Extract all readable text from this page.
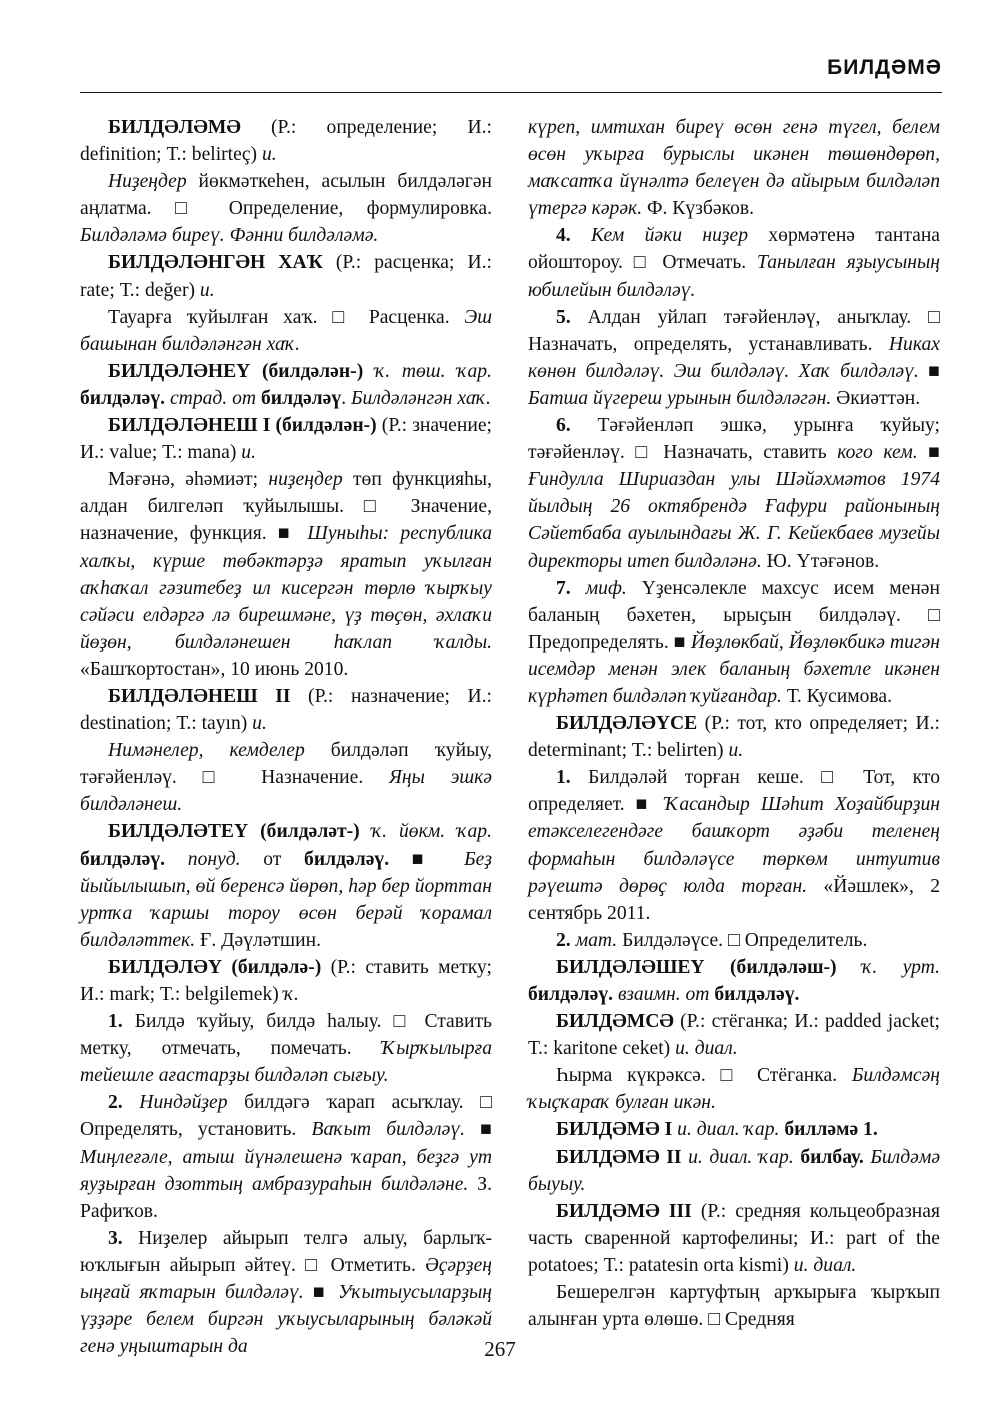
БИЛДӘМӘ

БИЛДӘЛӘМӘ (Р.: определение; И.: definition; Т.: belirteç) и.

Ниҙеңдер йөкмәткеһен, асылын билдәләгән аңлатма. □ Определение, формулировка. Билдәләмә биреү. Фәнни билдәләмә.

БИЛДӘЛӘНГӘН ХАҠ (Р.: расценка; И.: rate; Т.: değer) и.

Тауарға ҡуйылған хаҡ. □ Расценка. Эш башынан билдәләнгән хаҡ.

БИЛДӘЛӘНЕҮ (билдәлән-) ҡ. төш. ҡар. билдәләү. страд. от билдәләү. Билдәләнгән хаҡ.

БИЛДӘЛӘНЕШ I (билдәлән-) (Р.: значение; И.: value; Т.: mana) и.

Мәғәнә, әһәмиәт; ниҙеңдер төп функцияһы, алдан билгеләп ҡуйылышы. □ Значение, назначение, функция. ■ Шуныһы: республика халҡы, күрше төбәктәрҙә яратып уҡылған аҡһаҡал гәзитебеҙ ил кисергән төрлө ҡырҡыу сәйәси елдәргә лә бирешмәне, үҙ төҫөн, әхлаҡи йөҙөн, билдәләнешен һаҡлап ҡалды. «Башҡортостан», 10 июнь 2010.

БИЛДӘЛӘНЕШ II (Р.: назначение; И.: destination; Т.: tayın) и.

Нимәнелер, кемделер билдәләп ҡуйыу, тәғәйенләү. □ Назначение. Яңы эшкә билдәләнеш.

БИЛДӘЛӘТЕҮ (билдәләт-) ҡ. йөкм. ҡар. билдәләү. понуд. от билдәләү. ■ Беҙ йыйылышып, өй беренсә йөрөп, һәр бер йорттан уртҡа ҡаршы тороу өсөн берәй ҡорамал билдәләттек. Ғ. Дәүләтшин.

БИЛДӘЛӘҮ (билдәлә-) (Р.: ставить метку; И.: mark; Т.: belgilemek) ҡ.

1. Билдә ҡуйыу, билдә һалыу. □ Ставить метку, отмечать, помечать. Ҡырҡылырға тейешле ағастарҙы билдәләп сығыу.

2. Ниндәйҙер билдәгә ҡарап асыҡлау. □ Определять, установить. Ваҡыт билдәләү. ■ Миңлеғәле, атыш йүнәлешенә ҡарап, беҙгә ут яуҙырған дзоттың амбразураһын билдәләне. З. Рафиҡов.

3. Ниҙелер айырып телгә алыу, барлыҡ-юҡлығын айырып әйтеү. □ Отметить. Әҫәрҙең ыңғай яҡтарын билдәләү. ■ Уҡытыусыларҙың үҙҙәре белем биргән уҡыусыларының бәләкәй генә уңыштарын да

күреп, имтихан биреү өсөн генә түгел, белем өсөн уҡырға бурыслы икәнен төшөндөрөп, маҡсатҡа йүнәлтә белеүен дә айырым билдәләп үтергә кәрәк. Ф. Күзбәков.

4. Кем йәки ниҙер хөрмәтенә тантана ойоштороу. □ Отмечать. Танылған яҙыусының юбилейын билдәләү.

5. Алдан уйлап тәғәйенләү, аныҡлау. □ Назначать, определять, устанавливать. Никах көнөн билдәләү. Эш билдәләү. Хаҡ билдәләү. ■ Батша йүгереш урынын билдәләгән. Әкиәттән.

6. Тәғәйенләп эшкә, урынға ҡуйыу; тәғәйенләү. □ Назначать, ставить кого кем. ■ Ғиндулла Шириаздан улы Шәйәхмәтов 1974 йылдың 26 октябрендә Ғафури районының Сәйетбаба ауылындағы Ж. Г. Кейекбаев музейы директоры итеп билдәләнә. Ю. Үтәғәнов.

7. миф. Үҙенсәлекле махсус исем менән баланың бәхетен, ырыҫын билдәләү. □ Предопределять. ■ Йөҙлөкбай, Йөҙлөкбикә тигән исемдәр менән элек баланың бәхетле икәнен күрһәтеп билдәләп ҡуйғандар. Т. Кусимова.

БИЛДӘЛӘҮСЕ (Р.: тот, кто определяет; И.: determinant; Т.: belirten) и.

1. Билдәләй торған кеше. □ Тот, кто определяет. ■ Ҡасандыр Шәһит Хоҙайбирҙин етәкселегендәге башҡорт әҙәби теленең формаһын билдәләүсе төркөм интуитив рәүештә дөрөҫ юлда торған. «Йәшлек», 2 сентябрь 2011.

2. мат. Билдәләүсе. □ Определитель.

БИЛДӘЛӘШЕҮ (билдәләш-) ҡ. урт. билдәләү. взаимн. от билдәләү.

БИЛДӘМСӘ (Р.: стёганка; И.: padded jacket; Т.: karitone ceket) и. диал.

Һырма күкрәксә. □ Стёганка. Билдәмсәң ҡыҫҡараҡ булған икән.

БИЛДӘМӘ I и. диал. ҡар. билләмә 1.

БИЛДӘМӘ II и. диал. ҡар. билбау. Билдәмә быуыу.

БИЛДӘМӘ III (Р.: средняя кольцеобразная часть сваренной картофелины; И.: part of the potatoes; Т.: patatesin orta kismi) и. диал.

Бешерелгән картуфтың арҡырыға ҡырҡып алынған урта өлөшө. □ Средняя

267
